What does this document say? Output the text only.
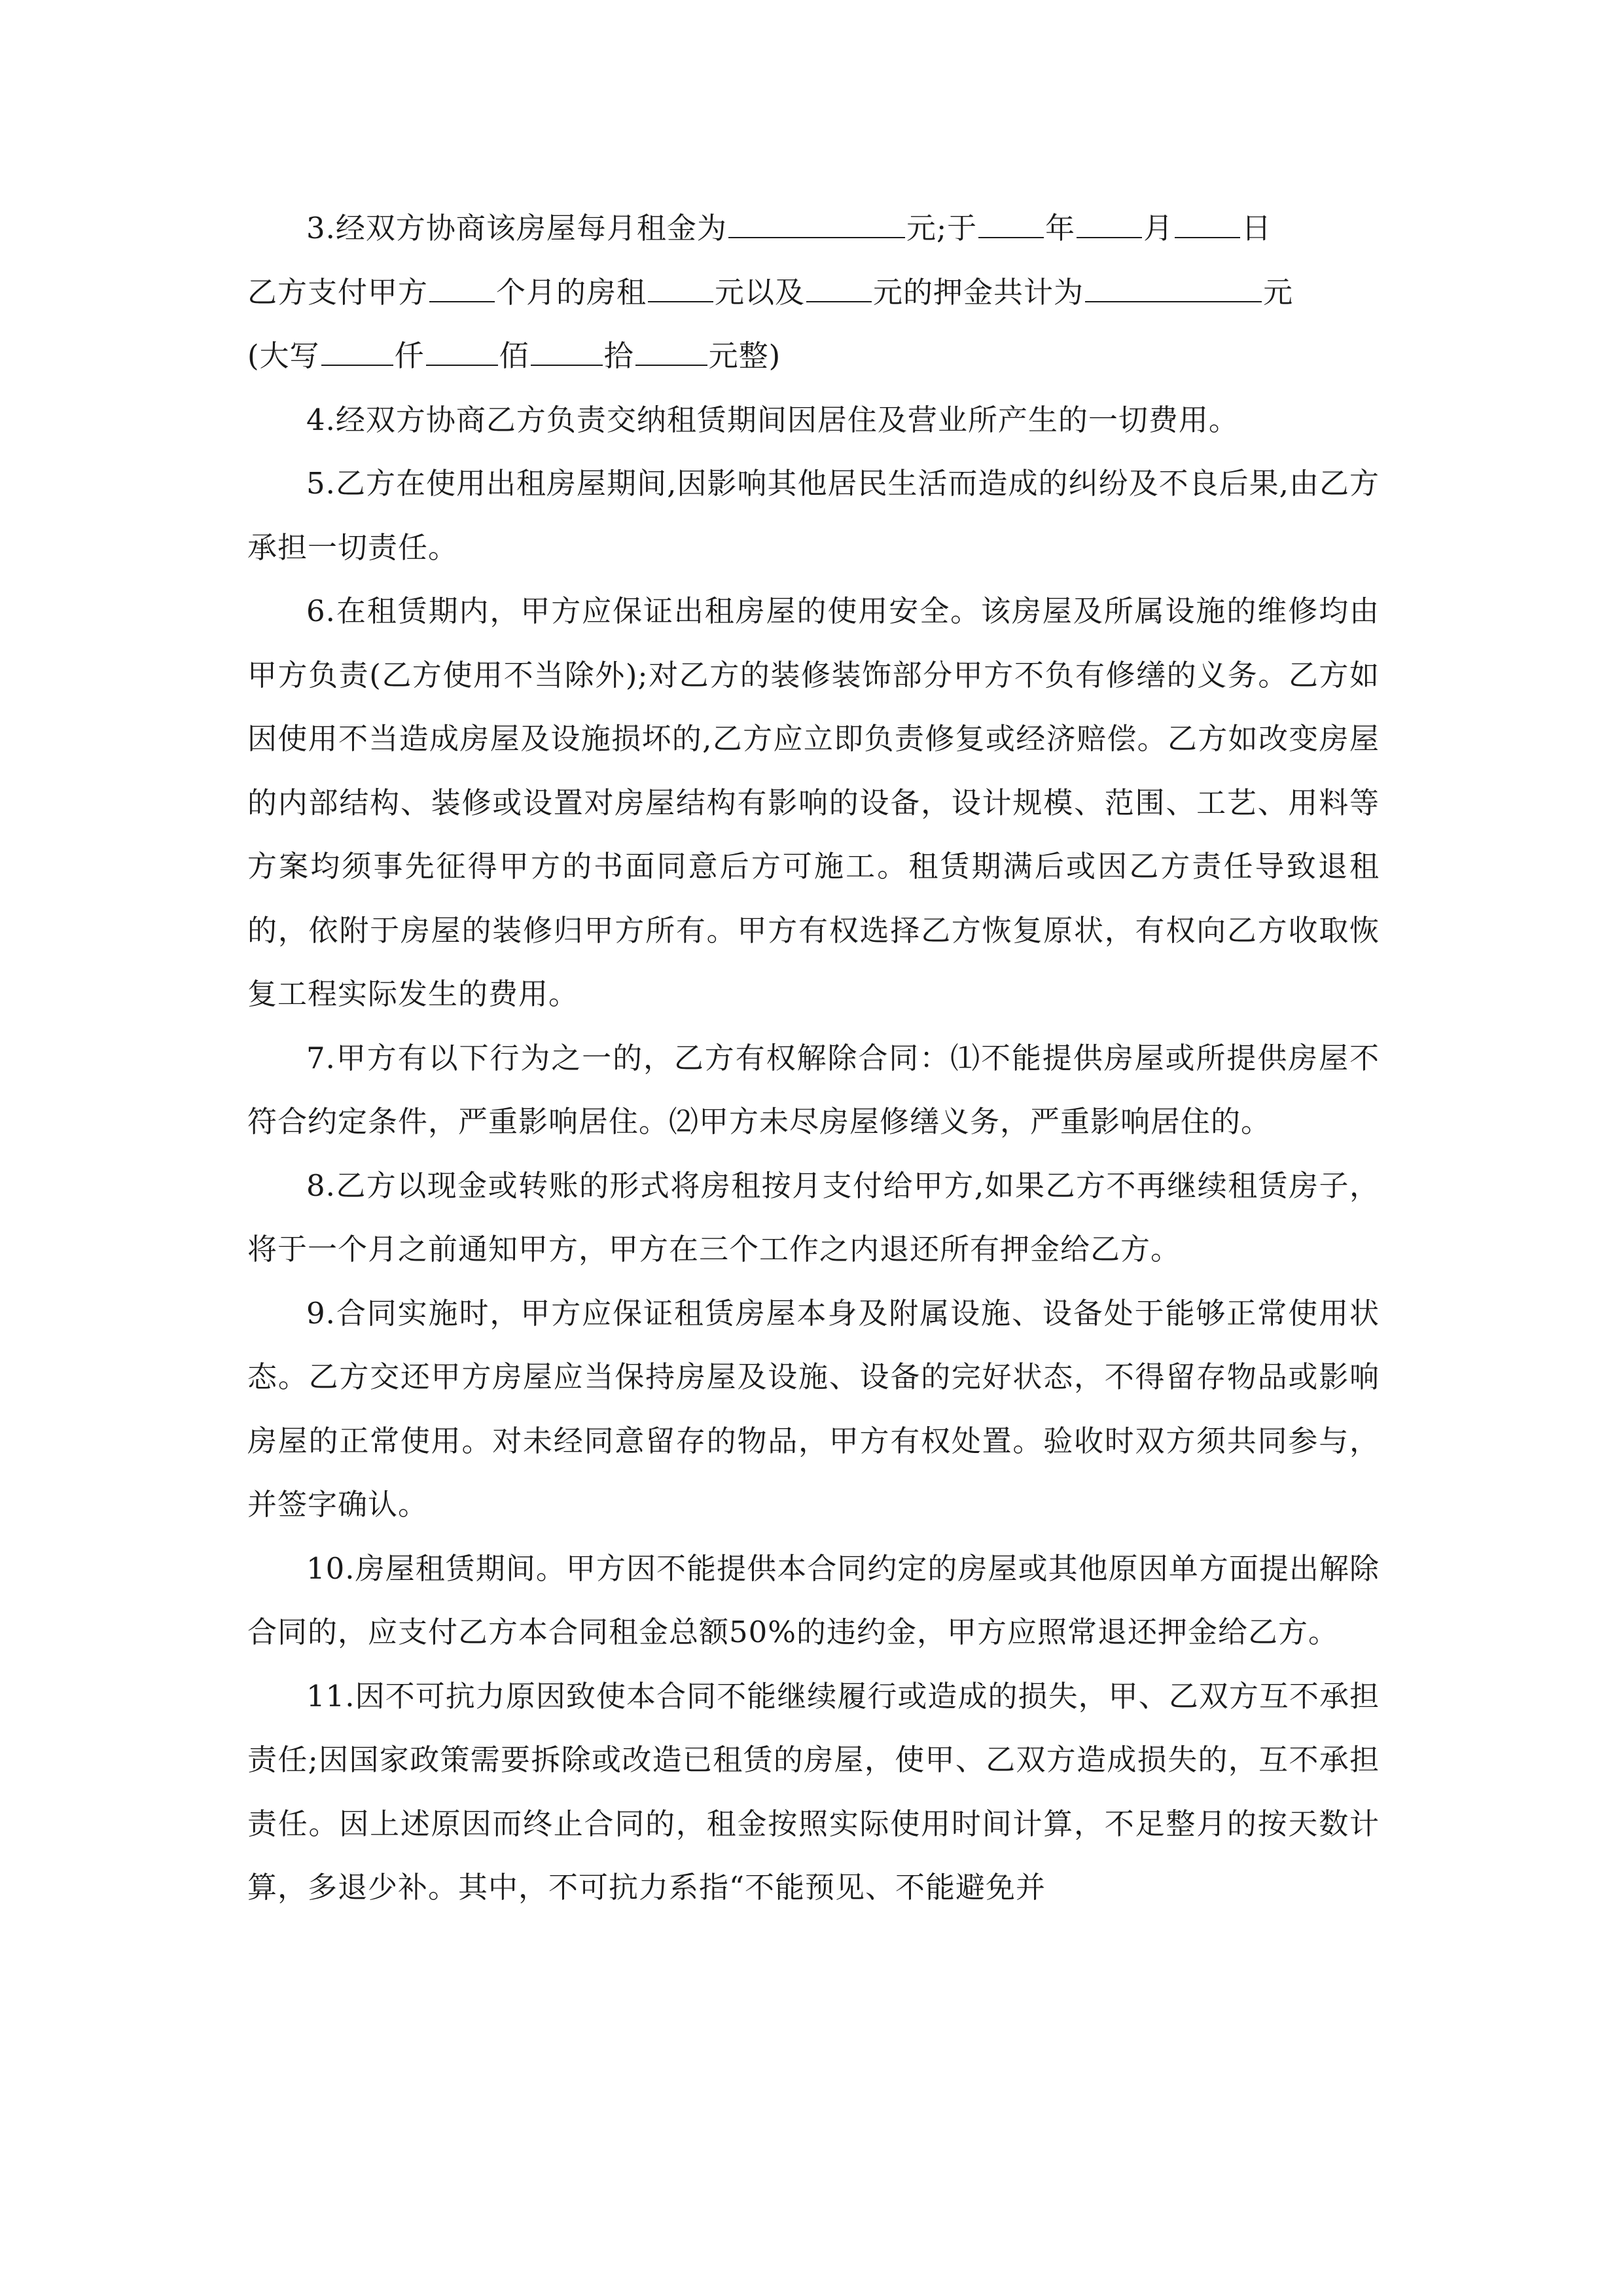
3.经双方协商该房屋每月租金为	元;于 年 月 日
乙方支付甲方 个月的房租 元以及 元的押金共计为	元
(大写	仟	佰	拾	元整)

4.经双方协商乙方负责交纳租赁期间因居住及营业所产生的一切费用。

5.乙方在使用出租房屋期间,因影响其他居民生活而造成的纠纷及不良后果,由乙方承担一切责任。

6.在租赁期内，甲方应保证出租房屋的使用安全。该房屋及所属设施的维修均由甲方负责(乙方使用不当除外);对乙方的装修装饰部分甲方不负有修缮的义务。乙方如因使用不当造成房屋及设施损坏的,乙方应立即负责修复或经济赔偿。乙方如改变房屋的内部结构、装修或设置对房屋结构有影响的设备，设计规模、范围、工艺、用料等方案均须事先征得甲方的书面同意后方可施工。租赁期满后或因乙方责任导致退租的，依附于房屋的装修归甲方所有。甲方有权选择乙方恢复原状，有权向乙方收取恢复工程实际发生的费用。

7.甲方有以下行为之一的，乙方有权解除合同：⑴不能提供房屋或所提供房屋不符合约定条件，严重影响居住。⑵甲方未尽房屋修缮义务，严重影响居住的。

8.乙方以现金或转账的形式将房租按月支付给甲方,如果乙方不再继续租赁房子，将于一个月之前通知甲方，甲方在三个工作之内退还所有押金给乙方。

9.合同实施时，甲方应保证租赁房屋本身及附属设施、设备处于能够正常使用状态。乙方交还甲方房屋应当保持房屋及设施、设备的完好状态，不得留存物品或影响房屋的正常使用。对未经同意留存的物品，甲方有权处置。验收时双方须共同参与，并签字确认。

10.房屋租赁期间。甲方因不能提供本合同约定的房屋或其他原因单方面提出解除合同的，应支付乙方本合同租金总额50%的违约金，甲方应照常退还押金给乙方。

11.因不可抗力原因致使本合同不能继续履行或造成的损失，甲、乙双方互不承担责任;因国家政策需要拆除或改造已租赁的房屋，使甲、乙双方造成损失的，互不承担责任。因上述原因而终止合同的，租金按照实际使用时间计算，不足整月的按天数计算，多退少补。其中，不可抗力系指“不能预见、不能避免并
